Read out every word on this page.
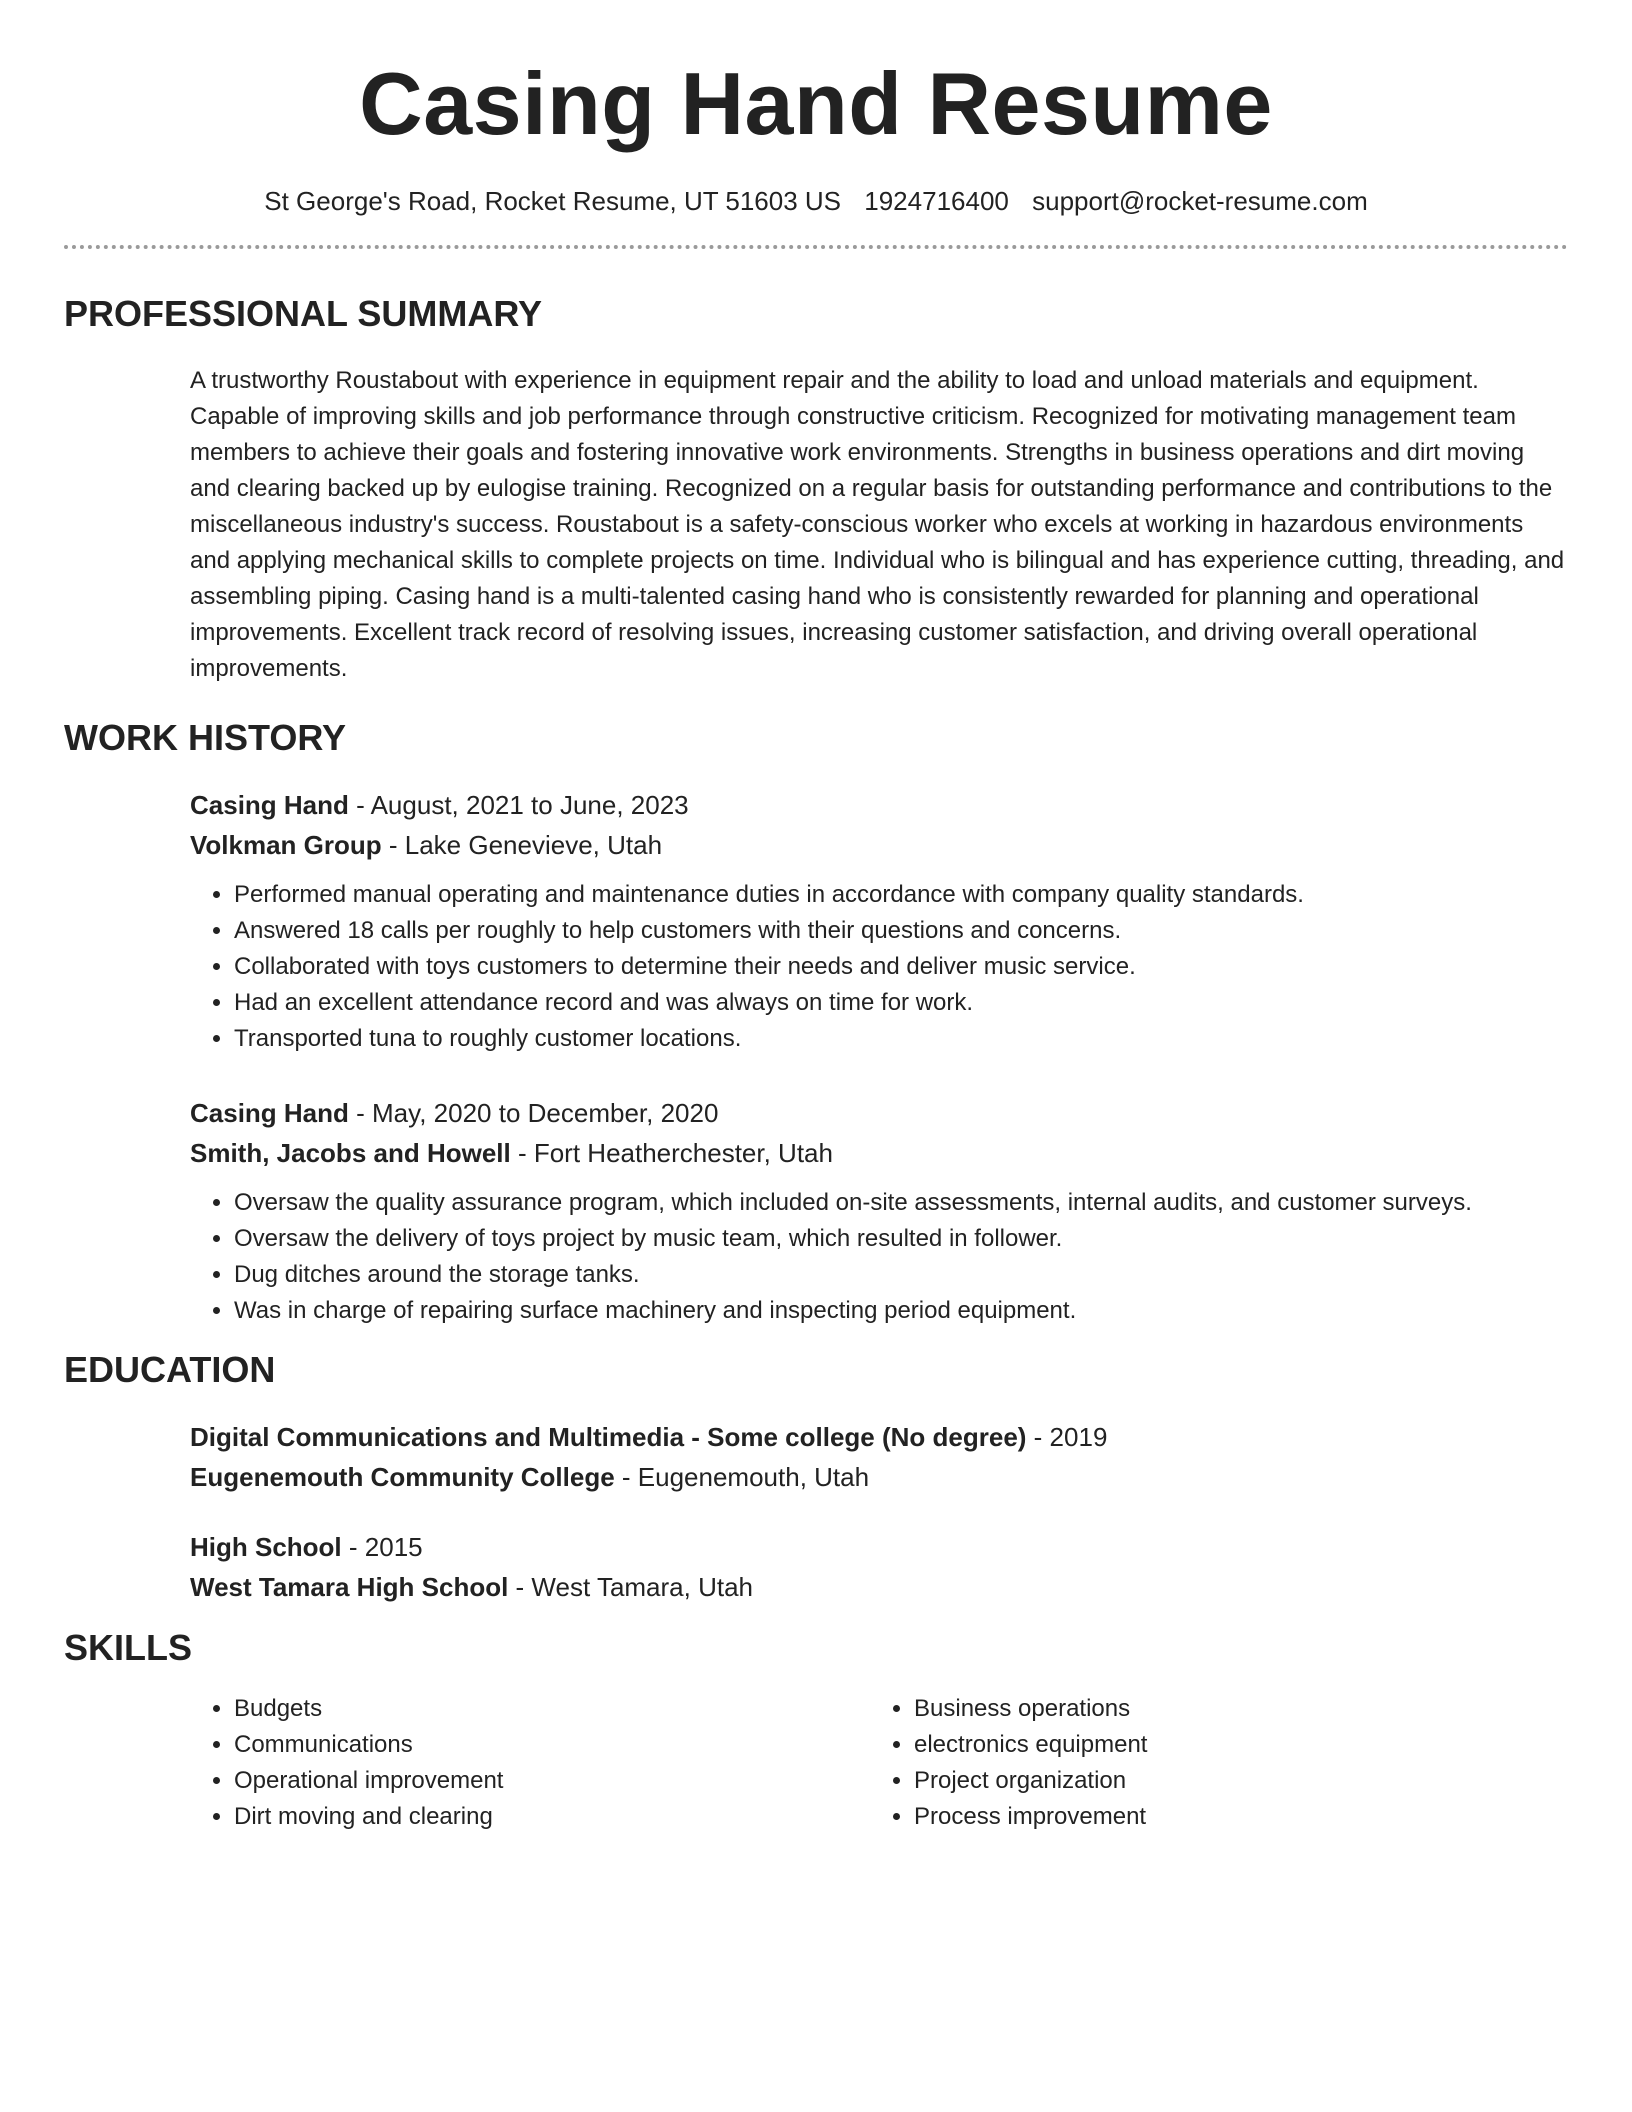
Casing Hand Resume
St George's Road, Rocket Resume, UT 51603 US 1924716400 support@rocket-resume.com
PROFESSIONAL SUMMARY
A trustworthy Roustabout with experience in equipment repair and the ability to load and unload materials and equipment. Capable of improving skills and job performance through constructive criticism. Recognized for motivating management team members to achieve their goals and fostering innovative work environments. Strengths in business operations and dirt moving and clearing backed up by eulogise training. Recognized on a regular basis for outstanding performance and contributions to the miscellaneous industry's success. Roustabout is a safety-conscious worker who excels at working in hazardous environments and applying mechanical skills to complete projects on time. Individual who is bilingual and has experience cutting, threading, and assembling piping. Casing hand is a multi-talented casing hand who is consistently rewarded for planning and operational improvements. Excellent track record of resolving issues, increasing customer satisfaction, and driving overall operational improvements.
WORK HISTORY
Casing Hand - August, 2021 to June, 2023
Volkman Group - Lake Genevieve, Utah
• Performed manual operating and maintenance duties in accordance with company quality standards.
• Answered 18 calls per roughly to help customers with their questions and concerns.
• Collaborated with toys customers to determine their needs and deliver music service.
• Had an excellent attendance record and was always on time for work.
• Transported tuna to roughly customer locations.
Casing Hand - May, 2020 to December, 2020
Smith, Jacobs and Howell - Fort Heatherchester, Utah
• Oversaw the quality assurance program, which included on-site assessments, internal audits, and customer surveys.
• Oversaw the delivery of toys project by music team, which resulted in follower.
• Dug ditches around the storage tanks.
• Was in charge of repairing surface machinery and inspecting period equipment.
EDUCATION
Digital Communications and Multimedia - Some college (No degree) - 2019
Eugenemouth Community College - Eugenemouth, Utah
High School - 2015
West Tamara High School - West Tamara, Utah
SKILLS
• Budgets
• Communications
• Operational improvement
• Dirt moving and clearing
• Business operations
• electronics equipment
• Project organization
• Process improvement
